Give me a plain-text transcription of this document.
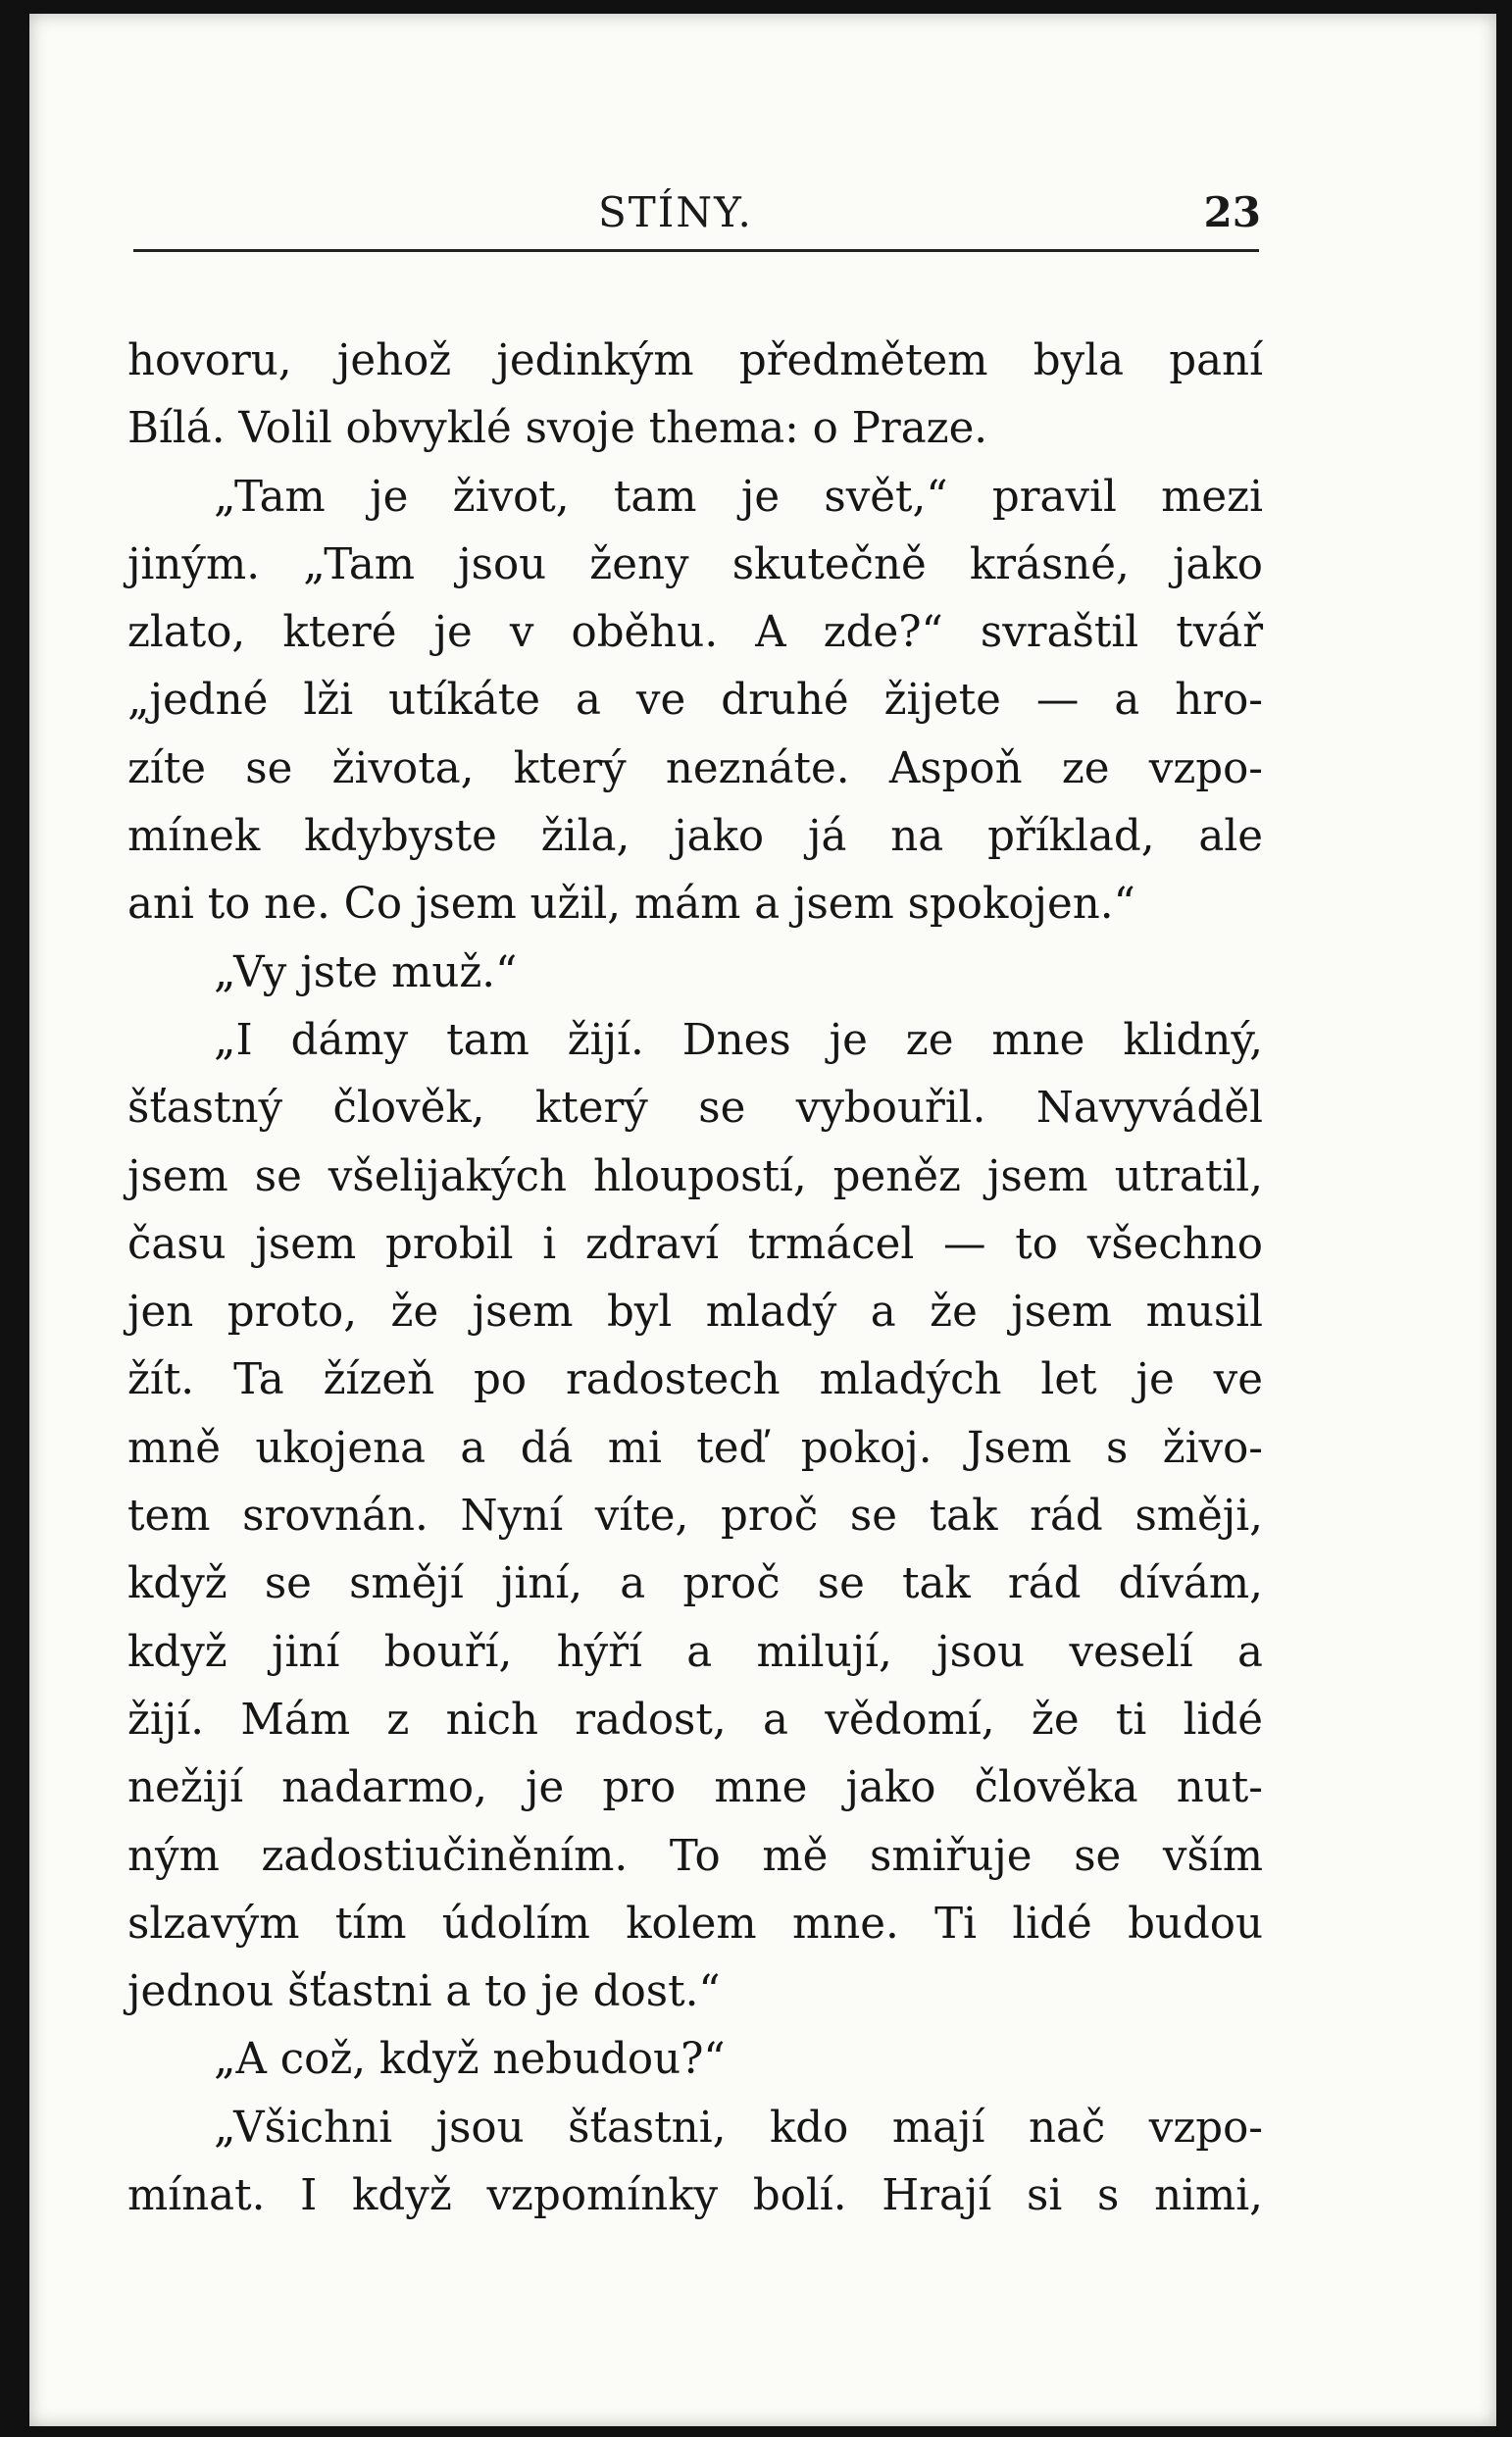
STÍNY.	23
hovoru, jehož jedinkým předmětem byla paní
Bílá. Volil obvyklé svoje thema: o Praze.
„Tam je život, tam je svět,“ pravil mezi
jiným. „Tam jsou ženy skutečně krásné, jako
zlato, které je v oběhu. A zde?“ svraštil tvář
„jedné lži utíkáte a ve druhé žijete — a hro-
zíte se života, který neznáte. Aspoň ze vzpo-
mínek kdybyste žila, jako já na příklad, ale
ani to ne. Co jsem užil, mám a jsem spokojen.“
„Vy jste muž.“
„I dámy tam žijí. Dnes je ze mne klidný,
šťastný člověk, který se vybouřil. Navyváděl
jsem se všelijakých hloupostí, peněz jsem utratil,
času jsem probil i zdraví trmácel — to všechno
jen proto, že jsem byl mladý a že jsem musil
žít. Ta žízeň po radostech mladých let je ve
mně ukojena a dá mi teď pokoj. Jsem s živo-
tem srovnán. Nyní víte, proč se tak rád směji,
když se smějí jiní, a proč se tak rád dívám,
když jiní bouří, hýří a milují, jsou veselí a
žijí. Mám z nich radost, a vědomí, že ti lidé
nežijí nadarmo, je pro mne jako člověka nut-
ným zadostiučiněním. To mě smiřuje se vším
slzavým tím údolím kolem mne. Ti lidé budou
jednou šťastni a to je dost.“
„A což, když nebudou?“
„Všichni jsou šťastni, kdo mají nač vzpo-
mínat. I když vzpomínky bolí. Hrají si s nimi,
